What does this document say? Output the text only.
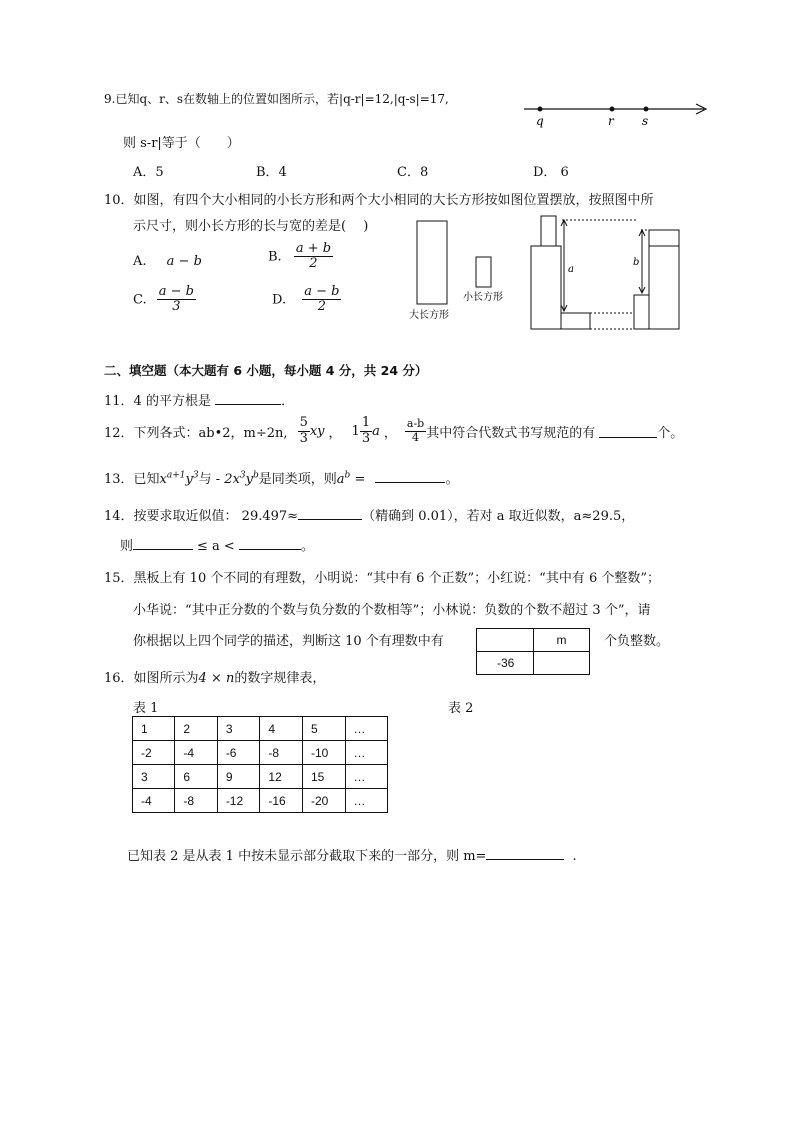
9.已知q、r、s在数轴上的位置如图所示，若|q-r|=12,|q-s|=17,
q	r s
则 s-r|等于（　　）
A．5	B．4	C．8	D． 6
10．如图，有四个大小相同的小长方形和两个大小相同的大长方形按如图位置摆放，按照图中所
示尺寸，则小长方形的长与宽的差是(　 )
A. a − b	B. $\frac{a + b}{2}$
C. $\frac{a - b}{3}$	D. $\frac{a - b}{2}$
大长方形
小长方形
a
b
二、填空题（本大题有 6 小题，每小题 4 分，共 24 分）
11．4 的平方根是	．
12．下列各式：ab•2，m÷2n, $\frac{5}{3}$ xy ， $1 \frac{1}{3}$ a ， $\frac{a-b}{4}$ 其中符合代数式书写规范的有	个。
13．已知$x^{a+1}y^3$与 - $2x^3y^b$是同类项，则$a^b$ =	。
14．按要求取近似值： 29.497≈	（精确到 0.01），若对 a 取近似数，a≈29.5，
则	≤ a <	。
15．黑板上有 10 个不同的有理数，小明说：“其中有 6 个正数”；小红说：“其中有 6 个整数”；
小华说：“其中正分数的个数与负分数的个数相等”；小林说：负数的个数不超过 3 个”，请
你根据以上四个同学的描述，判断这 10 个有理数中有	个负整数。
	m
-36	
16．如图所示为4 × n的数字规律表，
表 1	表 2
1	2	3	4	5	…
-2	-4	-6	-8	-10	…
3	6	9	12	15	…
-4	-8	-12	-16	-20	…
已知表 2 是从表 1 中按未显示部分截取下来的一部分，则 m=	.
